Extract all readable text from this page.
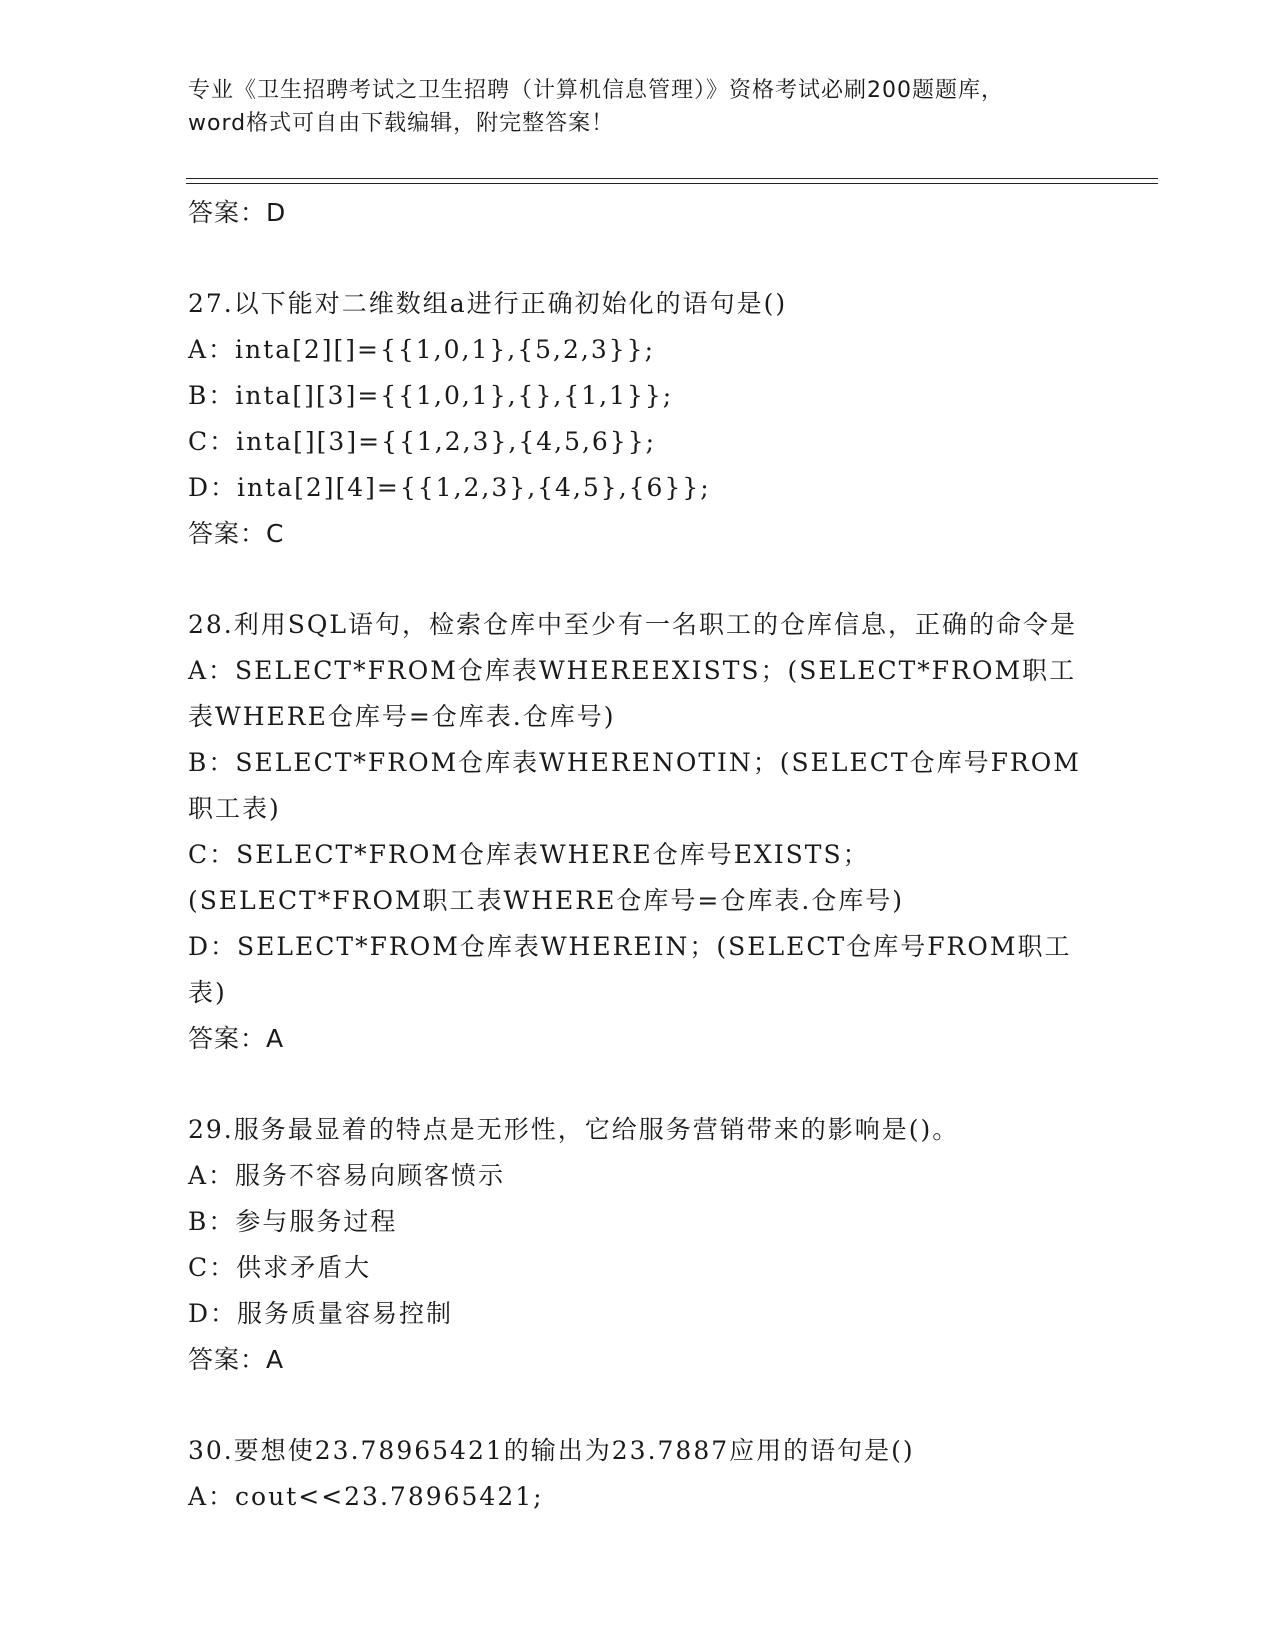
专业《卫生招聘考试之卫生招聘（计算机信息管理）》资格考试必刷200题题库，
word格式可自由下载编辑，附完整答案！
答案：D
27.以下能对二维数组a进行正确初始化的语句是()
A：inta[2][]={{1,0,1},{5,2,3}};
B：inta[][3]={{1,0,1},{},{1,1}};
C：inta[][3]={{1,2,3},{4,5,6}};
D：inta[2][4]={{1,2,3},{4,5},{6}};
答案：C
28.利用SQL语句，检索仓库中至少有一名职工的仓库信息，正确的命令是
A：SELECT*FROM仓库表WHEREEXISTS；(SELECT*FROM职工表WHERE仓库号=仓库表.仓库号)
B：SELECT*FROM仓库表WHERENOTIN；(SELECT仓库号FROM职工表)
C：SELECT*FROM仓库表WHERE仓库号EXISTS；(SELECT*FROM职工表WHERE仓库号=仓库表.仓库号)
D：SELECT*FROM仓库表WHEREIN；(SELECT仓库号FROM职工表)
答案：A
29.服务最显着的特点是无形性，它给服务营销带来的影响是()。
A：服务不容易向顾客愤示
B：参与服务过程
C：供求矛盾大
D：服务质量容易控制
答案：A
30.要想使23.78965421的输出为23.7887应用的语句是()
A：cout<<23.78965421;
